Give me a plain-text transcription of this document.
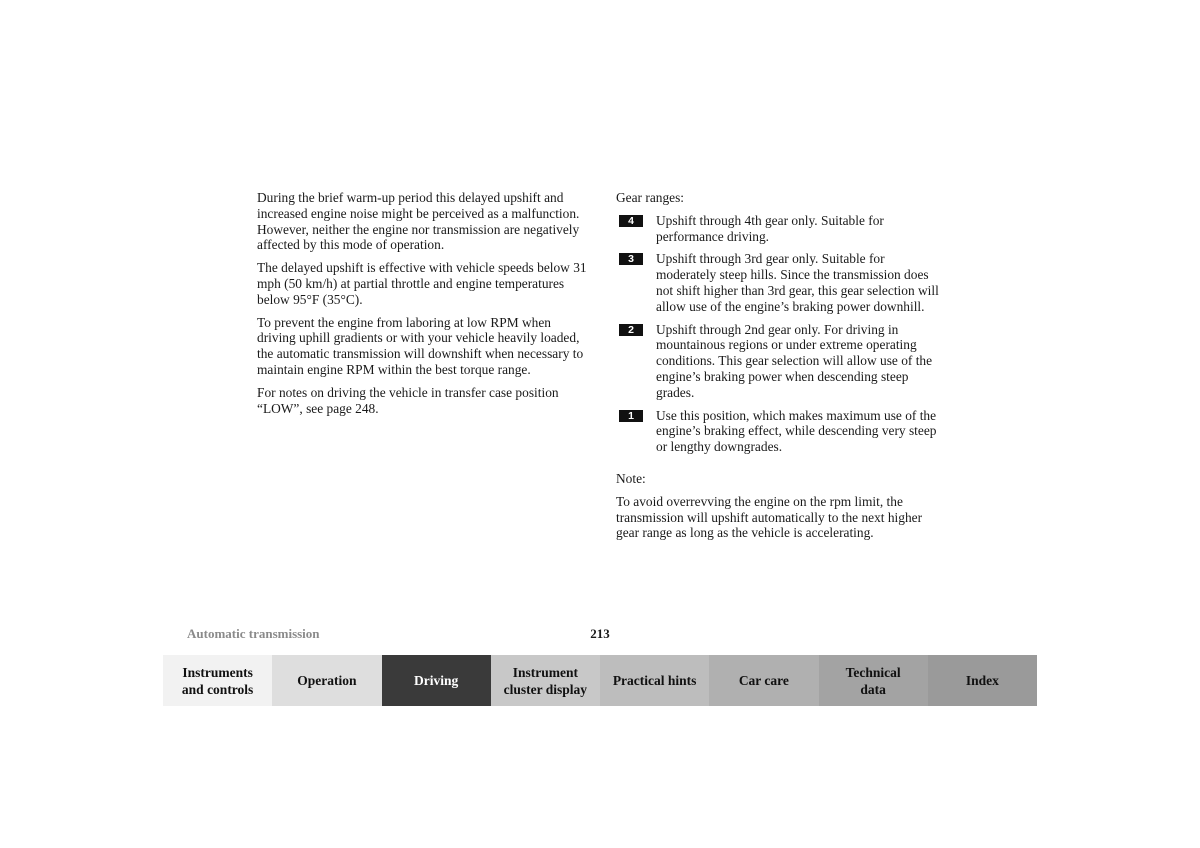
During the brief warm-up period this delayed upshift and increased engine noise might be perceived as a malfunction. However, neither the engine nor transmission are negatively affected by this mode of operation.

The delayed upshift is effective with vehicle speeds below 31 mph (50 km/h) at partial throttle and engine temperatures below 95°F (35°C).

To prevent the engine from laboring at low RPM when driving uphill gradients or with your vehicle heavily loaded, the automatic transmission will downshift when necessary to maintain engine RPM within the best torque range.

For notes on driving the vehicle in transfer case position “LOW”, see page 248.

Gear ranges:

4	Upshift through 4th gear only. Suitable for performance driving.
3	Upshift through 3rd gear only. Suitable for moderately steep hills. Since the transmission does not shift higher than 3rd gear, this gear selection will allow use of the engine’s braking power downhill.
2	Upshift through 2nd gear only. For driving in mountainous regions or under extreme operating conditions. This gear selection will allow use of the engine’s braking power when descending steep grades.
1	Use this position, which makes maximum use of the engine’s braking effect, while descending very steep or lengthy downgrades.

Note:

To avoid overrevving the engine on the rpm limit, the transmission will upshift automatically to the next higher gear range as long as the vehicle is accelerating.

Automatic transmission	213
Instruments
and controls
Operation	Driving
Instrument
cluster display
Practical hints	Car care
Technical
data
Index
